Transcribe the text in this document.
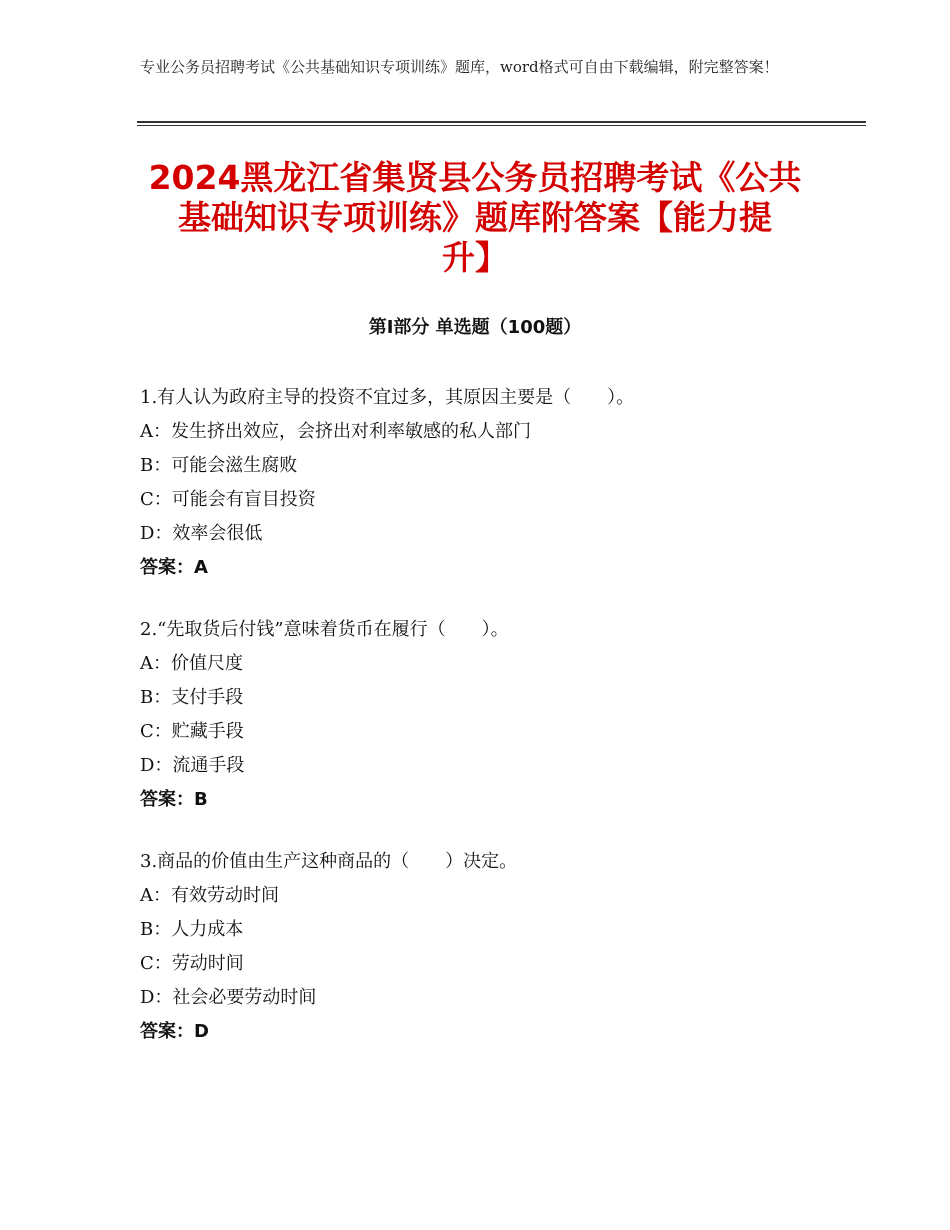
专业公务员招聘考试《公共基础知识专项训练》题库，word格式可自由下载编辑，附完整答案！
2024黑龙江省集贤县公务员招聘考试《公共
基础知识专项训练》题库附答案【能力提
升】
第Ⅰ部分 单选题（100题）
1.有人认为政府主导的投资不宜过多，其原因主要是（　　）。
A：发生挤出效应，会挤出对利率敏感的私人部门
B：可能会滋生腐败
C：可能会有盲目投资
D：效率会很低
答案：A
2.“先取货后付钱”意味着货币在履行（　　）。
A：价值尺度
B：支付手段
C：贮藏手段
D：流通手段
答案：B
3.商品的价值由生产这种商品的（　　）决定。
A：有效劳动时间
B：人力成本
C：劳动时间
D：社会必要劳动时间
答案：D
